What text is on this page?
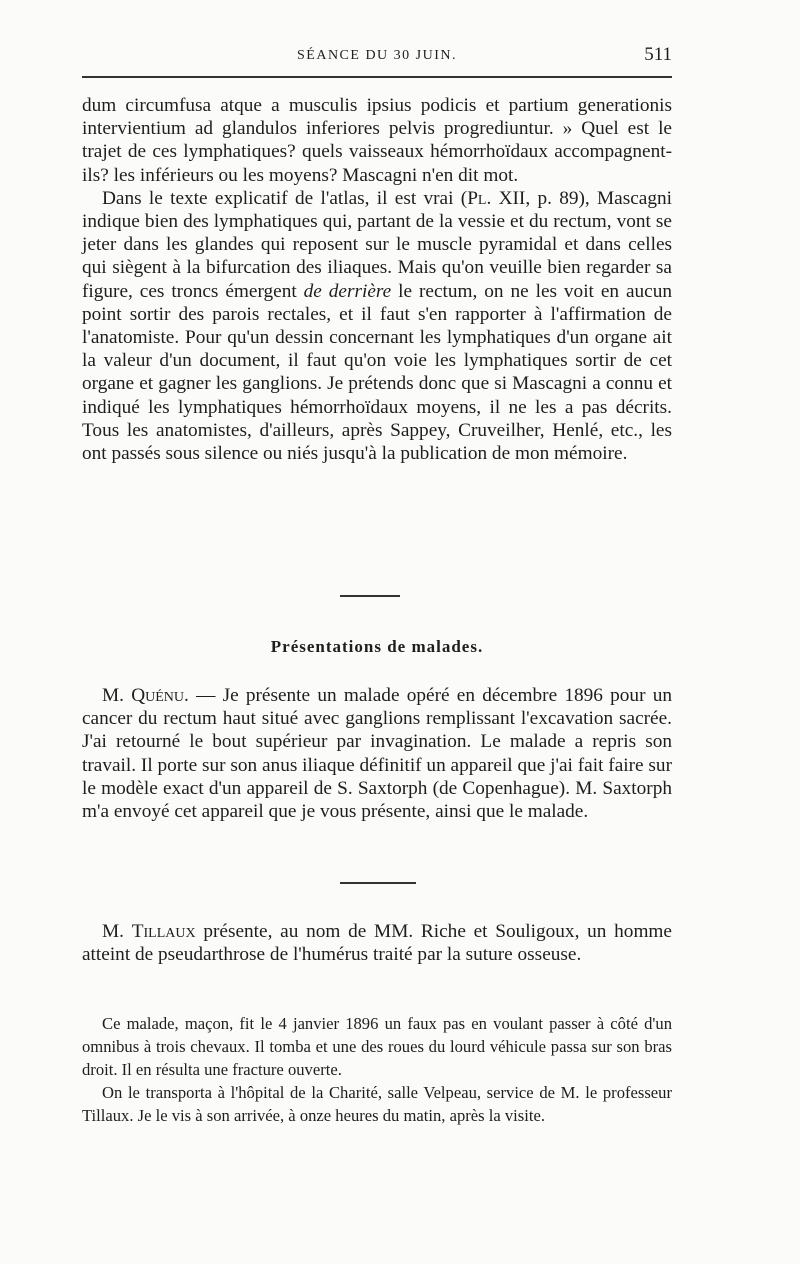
SÉANCE DU 30 JUIN.	511

dum circumfusa atque a musculis ipsius podicis et partium generationis intervientium ad glandulos inferiores pelvis progrediuntur. » Quel est le trajet de ces lymphatiques? quels vaisseaux hémorrhoïdaux accompagnent-ils? les inférieurs ou les moyens? Mascagni n'en dit mot.

Dans le texte explicatif de l'atlas, il est vrai (Pl. XII, p. 89), Mascagni indique bien des lymphatiques qui, partant de la vessie et du rectum, vont se jeter dans les glandes qui reposent sur le muscle pyramidal et dans celles qui siègent à la bifurcation des iliaques. Mais qu'on veuille bien regarder sa figure, ces troncs émergent de derrière le rectum, on ne les voit en aucun point sortir des parois rectales, et il faut s'en rapporter à l'affirmation de l'anatomiste. Pour qu'un dessin concernant les lymphatiques d'un organe ait la valeur d'un document, il faut qu'on voie les lymphatiques sortir de cet organe et gagner les ganglions. Je prétends donc que si Mascagni a connu et indiqué les lymphatiques hémorrhoïdaux moyens, il ne les a pas décrits. Tous les anatomistes, d'ailleurs, après Sappey, Cruveilher, Henlé, etc., les ont passés sous silence ou niés jusqu'à la publication de mon mémoire.

Présentations de malades.

M. Quénu. — Je présente un malade opéré en décembre 1896 pour un cancer du rectum haut situé avec ganglions remplissant l'excavation sacrée. J'ai retourné le bout supérieur par invagination. Le malade a repris son travail. Il porte sur son anus iliaque définitif un appareil que j'ai fait faire sur le modèle exact d'un appareil de S. Saxtorph (de Copenhague). M. Saxtorph m'a envoyé cet appareil que je vous présente, ainsi que le malade.

M. Tillaux présente, au nom de MM. Riche et Souligoux, un homme atteint de pseudarthrose de l'humérus traité par la suture osseuse.

Ce malade, maçon, fit le 4 janvier 1896 un faux pas en voulant passer à côté d'un omnibus à trois chevaux. Il tomba et une des roues du lourd véhicule passa sur son bras droit. Il en résulta une fracture ouverte.

On le transporta à l'hôpital de la Charité, salle Velpeau, service de M. le professeur Tillaux. Je le vis à son arrivée, à onze heures du matin, après la visite.
